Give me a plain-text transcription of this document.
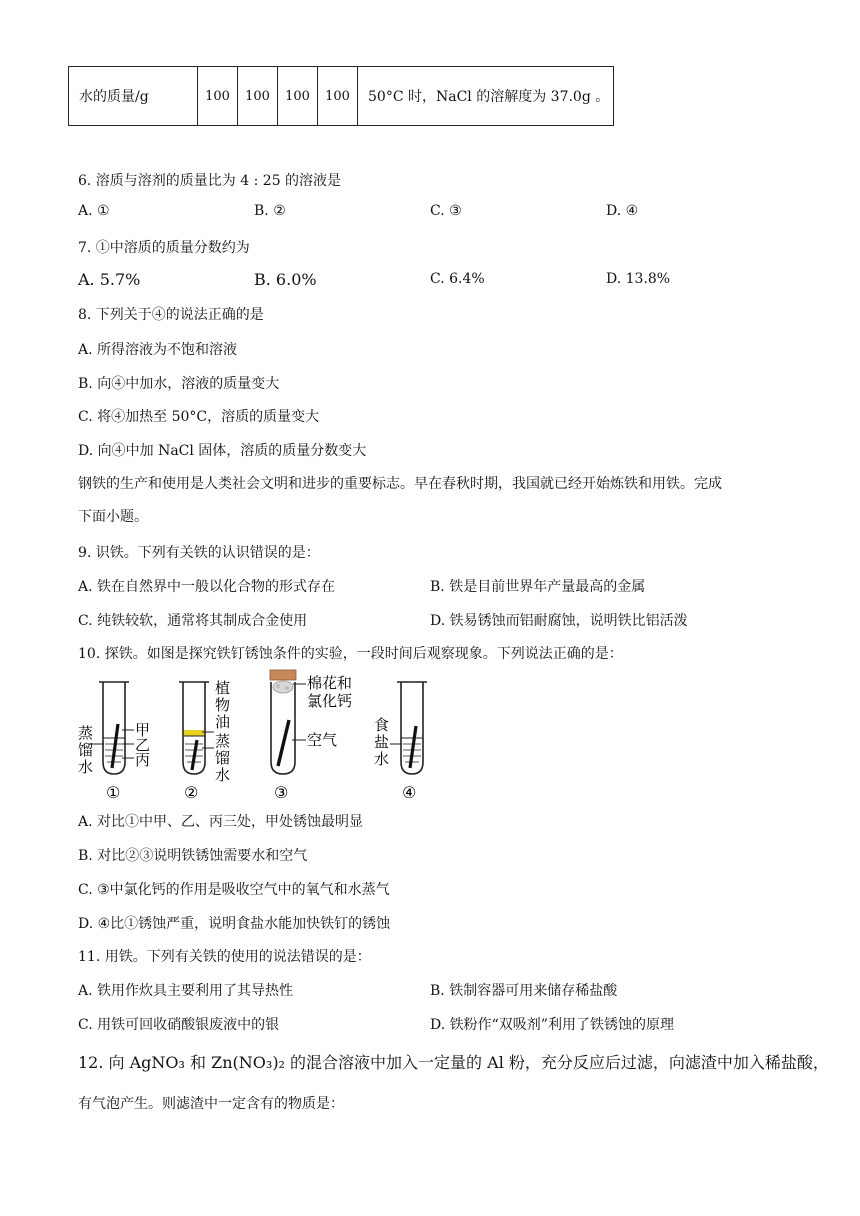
水的质量/g	100	100	100	100	50°C 时，NaCl 的溶解度为 37.0g 。
6. 溶质与溶剂的质量比为 4 : 25 的溶液是
A. ①	B. ②	C. ③	D. ④
7. ①中溶质的质量分数约为
A. 5.7%	B. 6.0%	C. 6.4%	D. 13.8%
8. 下列关于④的说法正确的是
A. 所得溶液为不饱和溶液
B. 向④中加水，溶液的质量变大
C. 将④加热至 50°C，溶质的质量变大
D. 向④中加 NaCl 固体，溶质的质量分数变大
钢铁的生产和使用是人类社会文明和进步的重要标志。早在春秋时期，我国就已经开始炼铁和用铁。完成
下面小题。
9. 识铁。下列有关铁的认识错误的是：
A. 铁在自然界中一般以化合物的形式存在	B. 铁是目前世界年产量最高的金属
C. 纯铁较软，通常将其制成合金使用	D. 铁易锈蚀而铝耐腐蚀，说明铁比铝活泼
10. 探铁。如图是探究铁钉锈蚀条件的实验，一段时间后观察现象。下列说法正确的是：
蒸
馏
水
甲
乙
丙
①
植
物
油
蒸
馏
水
②
棉花和
氯化钙
空气
③
食
盐
水
④
A. 对比①中甲、乙、丙三处，甲处锈蚀最明显
B. 对比②③说明铁锈蚀需要水和空气
C. ③中氯化钙的作用是吸收空气中的氧气和水蒸气
D. ④比①锈蚀严重，说明食盐水能加快铁钉的锈蚀
11. 用铁。下列有关铁的使用的说法错误的是：
A. 铁用作炊具主要利用了其导热性	B. 铁制容器可用来储存稀盐酸
C. 用铁可回收硝酸银废液中的银	D. 铁粉作“双吸剂”利用了铁锈蚀的原理
12. 向 AgNO₃ 和 Zn(NO₃)₂ 的混合溶液中加入一定量的 Al 粉，充分反应后过滤，向滤渣中加入稀盐酸，
有气泡产生。则滤渣中一定含有的物质是：
